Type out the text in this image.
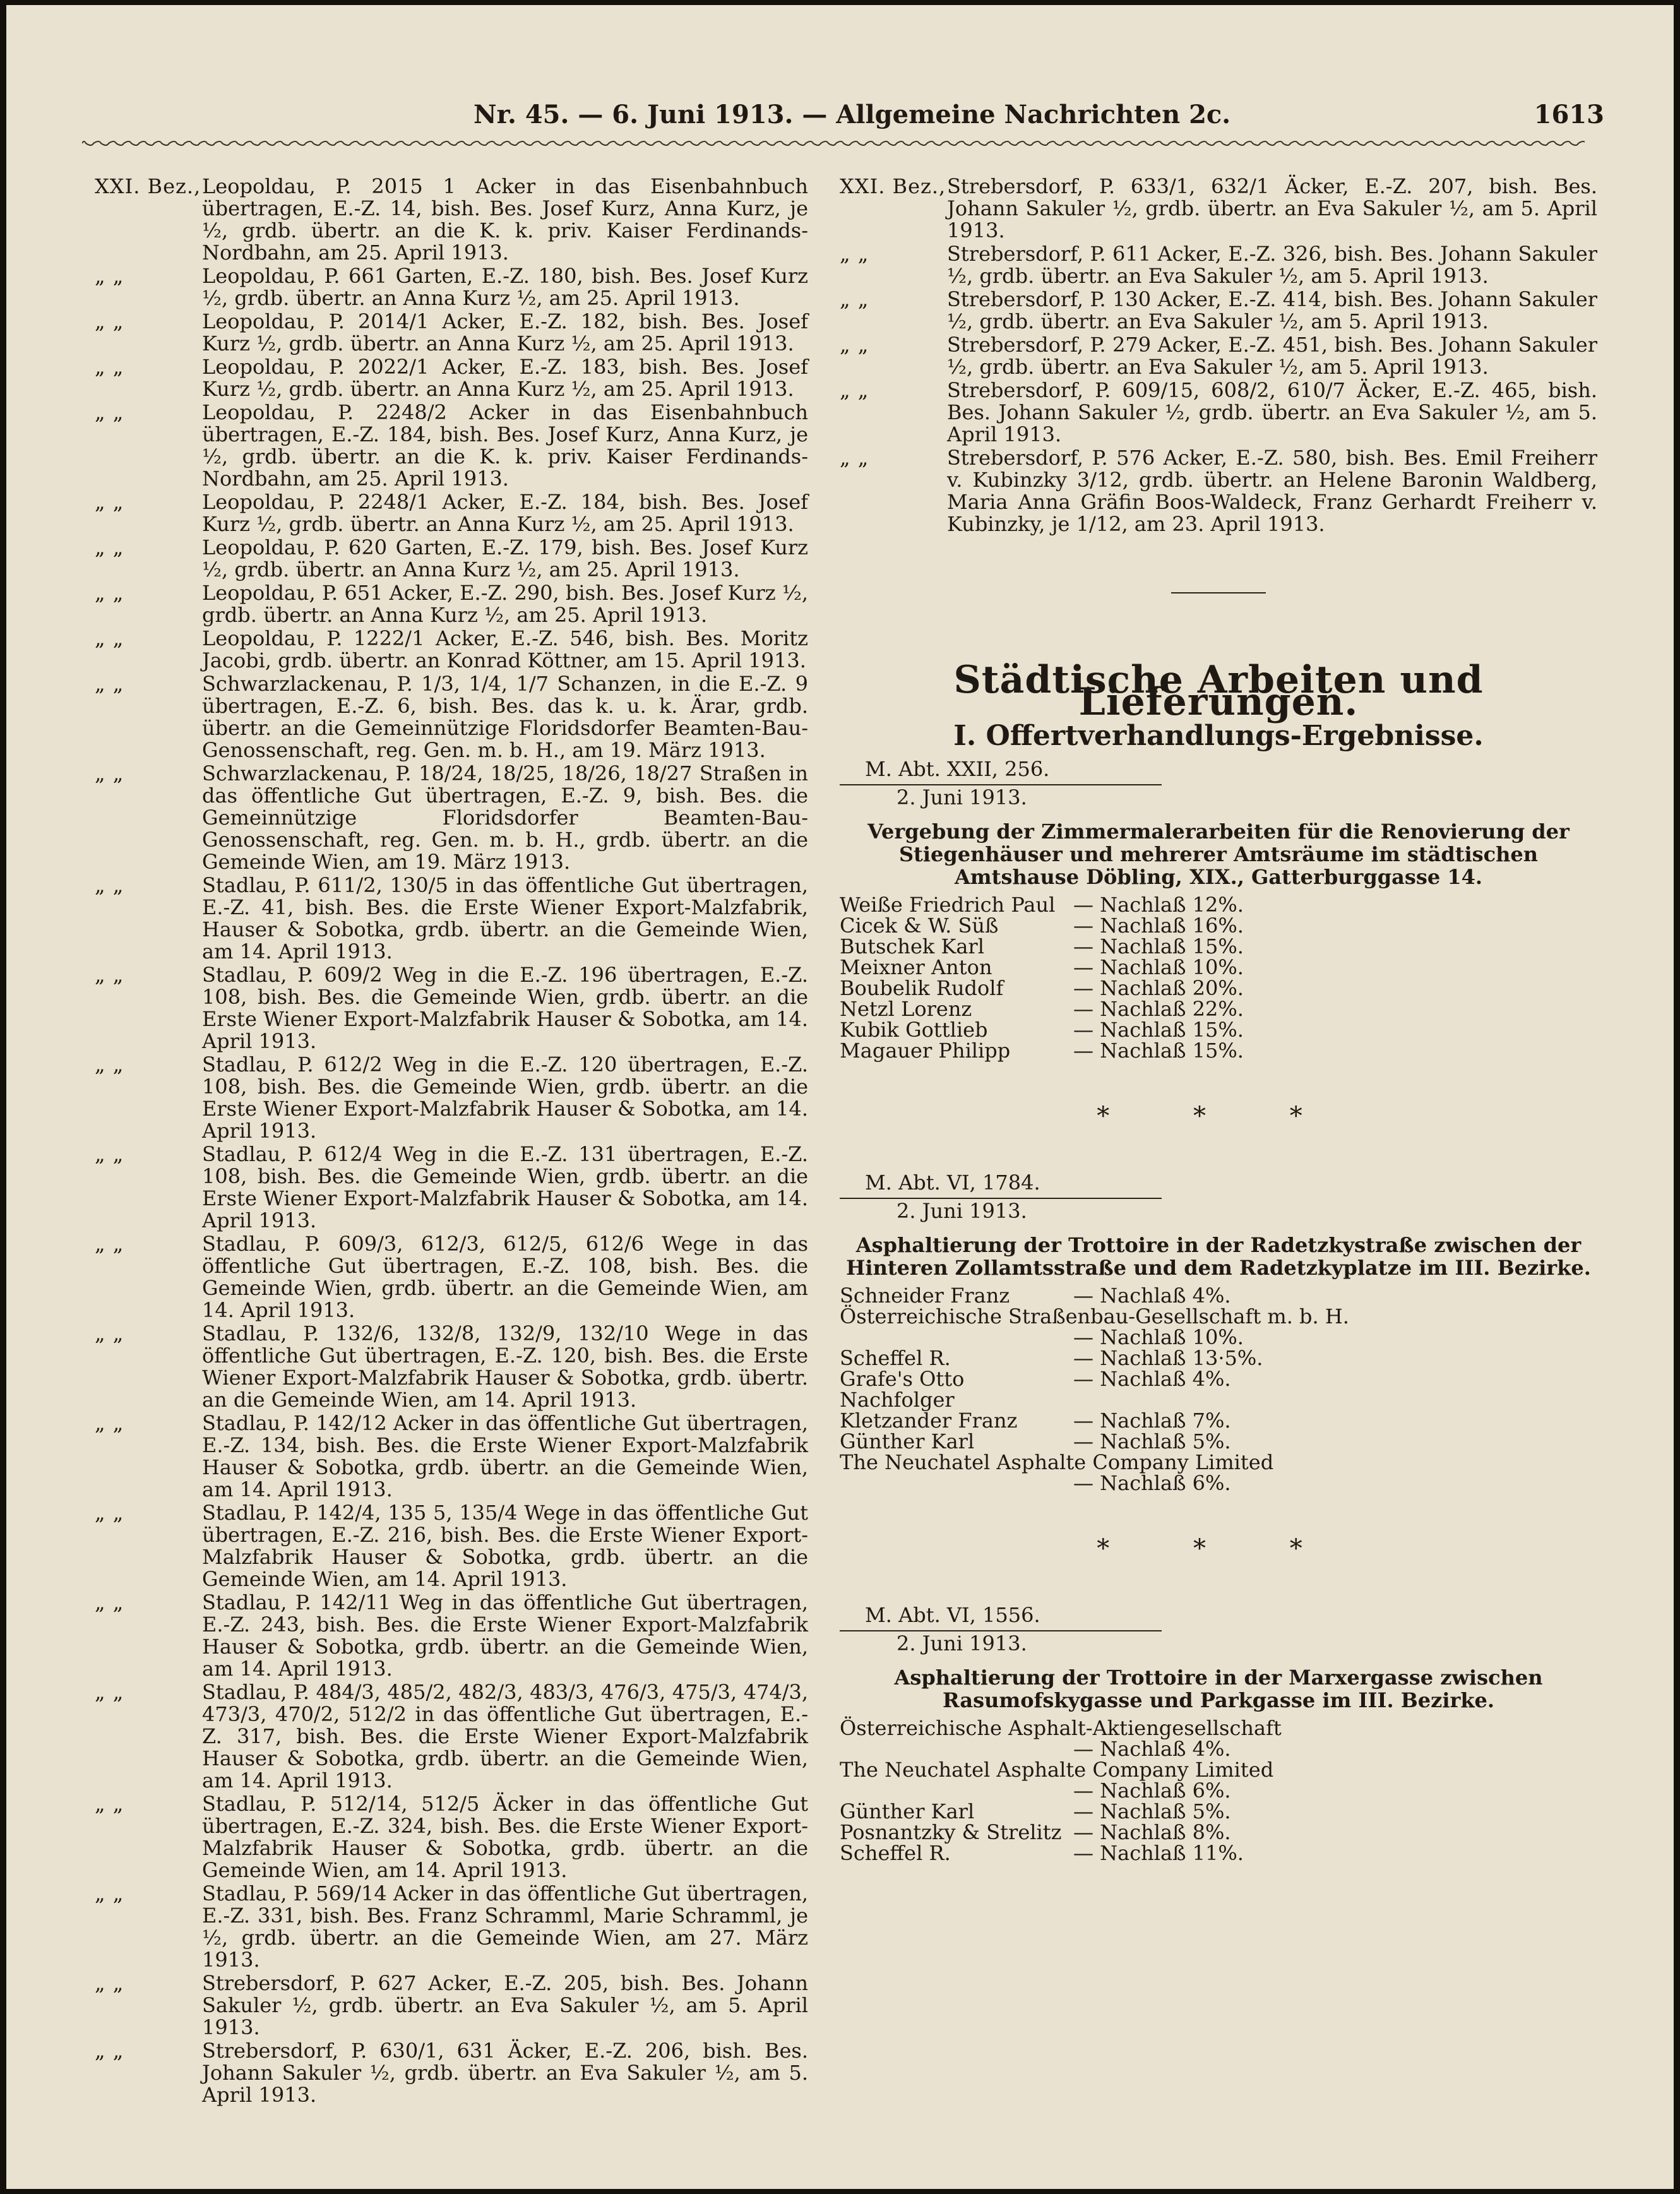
Nr. 45. — 6. Juni 1913. — Allgemeine Nachrichten 2c.	1613
XXI. Bez., Leopoldau, P. 2015 1 Acker in das Eisenbahnbuch übertragen, E.-Z. 14, bish. Bes. Josef Kurz, Anna Kurz, je ½, grdb. übertr. an die K. k. priv. Kaiser Ferdinands-Nordbahn, am 25. April 1913.
„ „	Leopoldau, P. 661 Garten, E.-Z. 180, bish. Bes. Josef Kurz ½, grdb. übertr. an Anna Kurz ½, am 25. April 1913.
„ „	Leopoldau, P. 2014/1 Acker, E.-Z. 182, bish. Bes. Josef Kurz ½, grdb. übertr. an Anna Kurz ½, am 25. April 1913.
„ „	Leopoldau, P. 2022/1 Acker, E.-Z. 183, bish. Bes. Josef Kurz ½, grdb. übertr. an Anna Kurz ½, am 25. April 1913.
„ „	Leopoldau, P. 2248/2 Acker in das Eisenbahnbuch übertragen, E.-Z. 184, bish. Bes. Josef Kurz, Anna Kurz, je ½, grdb. übertr. an die K. k. priv. Kaiser Ferdinands-Nordbahn, am 25. April 1913.
„ „	Leopoldau, P. 2248/1 Acker, E.-Z. 184, bish. Bes. Josef Kurz ½, grdb. übertr. an Anna Kurz ½, am 25. April 1913.
„ „	Leopoldau, P. 620 Garten, E.-Z. 179, bish. Bes. Josef Kurz ½, grdb. übertr. an Anna Kurz ½, am 25. April 1913.
„ „	Leopoldau, P. 651 Acker, E.-Z. 290, bish. Bes. Josef Kurz ½, grdb. übertr. an Anna Kurz ½, am 25. April 1913.
„ „	Leopoldau, P. 1222/1 Acker, E.-Z. 546, bish. Bes. Moritz Jacobi, grdb. übertr. an Konrad Köttner, am 15. April 1913.
„ „	Schwarzlackenau, P. 1/3, 1/4, 1/7 Schanzen, in die E.-Z. 9 übertragen, E.-Z. 6, bish. Bes. das k. u. k. Ärar, grdb. übertr. an die Gemeinnützige Floridsdorfer Beamten-Bau-Genossenschaft, reg. Gen. m. b. H., am 19. März 1913.
„ „	Schwarzlackenau, P. 18/24, 18/25, 18/26, 18/27 Straßen in das öffentliche Gut übertragen, E.-Z. 9, bish. Bes. die Gemeinnützige Floridsdorfer Beamten-Bau-Genossenschaft, reg. Gen. m. b. H., grdb. übertr. an die Gemeinde Wien, am 19. März 1913.
„ „	Stadlau, P. 611/2, 130/5 in das öffentliche Gut übertragen, E.-Z. 41, bish. Bes. die Erste Wiener Export-Malzfabrik, Hauser & Sobotka, grdb. übertr. an die Gemeinde Wien, am 14. April 1913.
„ „	Stadlau, P. 609/2 Weg in die E.-Z. 196 übertragen, E.-Z. 108, bish. Bes. die Gemeinde Wien, grdb. übertr. an die Erste Wiener Export-Malzfabrik Hauser & Sobotka, am 14. April 1913.
„ „	Stadlau, P. 612/2 Weg in die E.-Z. 120 übertragen, E.-Z. 108, bish. Bes. die Gemeinde Wien, grdb. übertr. an die Erste Wiener Export-Malzfabrik Hauser & Sobotka, am 14. April 1913.
„ „	Stadlau, P. 612/4 Weg in die E.-Z. 131 übertragen, E.-Z. 108, bish. Bes. die Gemeinde Wien, grdb. übertr. an die Erste Wiener Export-Malzfabrik Hauser & Sobotka, am 14. April 1913.
„ „	Stadlau, P. 609/3, 612/3, 612/5, 612/6 Wege in das öffentliche Gut übertragen, E.-Z. 108, bish. Bes. die Gemeinde Wien, grdb. übertr. an die Gemeinde Wien, am 14. April 1913.
„ „	Stadlau, P. 132/6, 132/8, 132/9, 132/10 Wege in das öffentliche Gut übertragen, E.-Z. 120, bish. Bes. die Erste Wiener Export-Malzfabrik Hauser & Sobotka, grdb. übertr. an die Gemeinde Wien, am 14. April 1913.
„ „	Stadlau, P. 142/12 Acker in das öffentliche Gut übertragen, E.-Z. 134, bish. Bes. die Erste Wiener Export-Malzfabrik Hauser & Sobotka, grdb. übertr. an die Gemeinde Wien, am 14. April 1913.
„ „	Stadlau, P. 142/4, 135 5, 135/4 Wege in das öffentliche Gut übertragen, E.-Z. 216, bish. Bes. die Erste Wiener Export-Malzfabrik Hauser & Sobotka, grdb. übertr. an die Gemeinde Wien, am 14. April 1913.
„ „	Stadlau, P. 142/11 Weg in das öffentliche Gut übertragen, E.-Z. 243, bish. Bes. die Erste Wiener Export-Malzfabrik Hauser & Sobotka, grdb. übertr. an die Gemeinde Wien, am 14. April 1913.
„ „	Stadlau, P. 484/3, 485/2, 482/3, 483/3, 476/3, 475/3, 474/3, 473/3, 470/2, 512/2 in das öffentliche Gut übertragen, E.-Z. 317, bish. Bes. die Erste Wiener Export-Malzfabrik Hauser & Sobotka, grdb. übertr. an die Gemeinde Wien, am 14. April 1913.
„ „	Stadlau, P. 512/14, 512/5 Äcker in das öffentliche Gut übertragen, E.-Z. 324, bish. Bes. die Erste Wiener Export-Malzfabrik Hauser & Sobotka, grdb. übertr. an die Gemeinde Wien, am 14. April 1913.
„ „	Stadlau, P. 569/14 Acker in das öffentliche Gut übertragen, E.-Z. 331, bish. Bes. Franz Schramml, Marie Schramml, je ½, grdb. übertr. an die Gemeinde Wien, am 27. März 1913.
„ „	Strebersdorf, P. 627 Acker, E.-Z. 205, bish. Bes. Johann Sakuler ½, grdb. übertr. an Eva Sakuler ½, am 5. April 1913.
„ „	Strebersdorf, P. 630/1, 631 Äcker, E.-Z. 206, bish. Bes. Johann Sakuler ½, grdb. übertr. an Eva Sakuler ½, am 5. April 1913.
XXI. Bez., Strebersdorf, P. 633/1, 632/1 Äcker, E.-Z. 207, bish. Bes. Johann Sakuler ½, grdb. übertr. an Eva Sakuler ½, am 5. April 1913.
„ „	Strebersdorf, P. 611 Acker, E.-Z. 326, bish. Bes. Johann Sakuler ½, grdb. übertr. an Eva Sakuler ½, am 5. April 1913.
„ „	Strebersdorf, P. 130 Acker, E.-Z. 414, bish. Bes. Johann Sakuler ½, grdb. übertr. an Eva Sakuler ½, am 5. April 1913.
„ „	Strebersdorf, P. 279 Acker, E.-Z. 451, bish. Bes. Johann Sakuler ½, grdb. übertr. an Eva Sakuler ½, am 5. April 1913.
„ „	Strebersdorf, P. 609/15, 608/2, 610/7 Äcker, E.-Z. 465, bish. Bes. Johann Sakuler ½, grdb. übertr. an Eva Sakuler ½, am 5. April 1913.
„ „	Strebersdorf, P. 576 Acker, E.-Z. 580, bish. Bes. Emil Freiherr v. Kubinzky 3/12, grdb. übertr. an Helene Baronin Waldberg, Maria Anna Gräfin Boos-Waldeck, Franz Gerhardt Freiherr v. Kubinzky, je 1/12, am 23. April 1913.
Städtische Arbeiten und Lieferungen.
I. Offertverhandlungs-Ergebnisse.
M. Abt. XXII, 256.
2. Juni 1913.
Vergebung der Zimmermalerarbeiten für die Renovierung der Stiegenhäuser und mehrerer Amtsräume im städtischen Amtshause Döbling, XIX., Gatterburggasse 14.
Weiße Friedrich Paul — Nachlaß 12%.
Cicek & W. Süß	— Nachlaß 16%.
Butschek Karl	— Nachlaß 15%.
Meixner Anton	— Nachlaß 10%.
Boubelik Rudolf	— Nachlaß 20%.
Netzl Lorenz	— Nachlaß 22%.
Kubik Gottlieb	— Nachlaß 15%.
Magauer Philipp	— Nachlaß 15%.
* * *
M. Abt. VI, 1784.
2. Juni 1913.
Asphaltierung der Trottoire in der Radetzkystraße zwischen der Hinteren Zollamtsstraße und dem Radetzkyplatze im III. Bezirke.
Schneider Franz	— Nachlaß 4%.
Österreichische Straßenbau-Gesellschaft m. b. H.
— Nachlaß 10%.
Scheffel R.	— Nachlaß 13·5%.
Grafe's Otto Nachfolger
— Nachlaß 4%.
Kletzander Franz	— Nachlaß 7%.
Günther Karl	— Nachlaß 5%.
The Neuchatel Asphalte Company Limited
— Nachlaß 6%.
* * *
M. Abt. VI, 1556.
2. Juni 1913.
Asphaltierung der Trottoire in der Marxergasse zwischen Rasumofskygasse und Parkgasse im III. Bezirke.
Österreichische Asphalt-Aktiengesellschaft
— Nachlaß 4%.
The Neuchatel Asphalte Company Limited
— Nachlaß 6%.
Günther Karl	— Nachlaß 5%.
Posnantzky & Strelitz — Nachlaß 8%.
Scheffel R.	— Nachlaß 11%.
